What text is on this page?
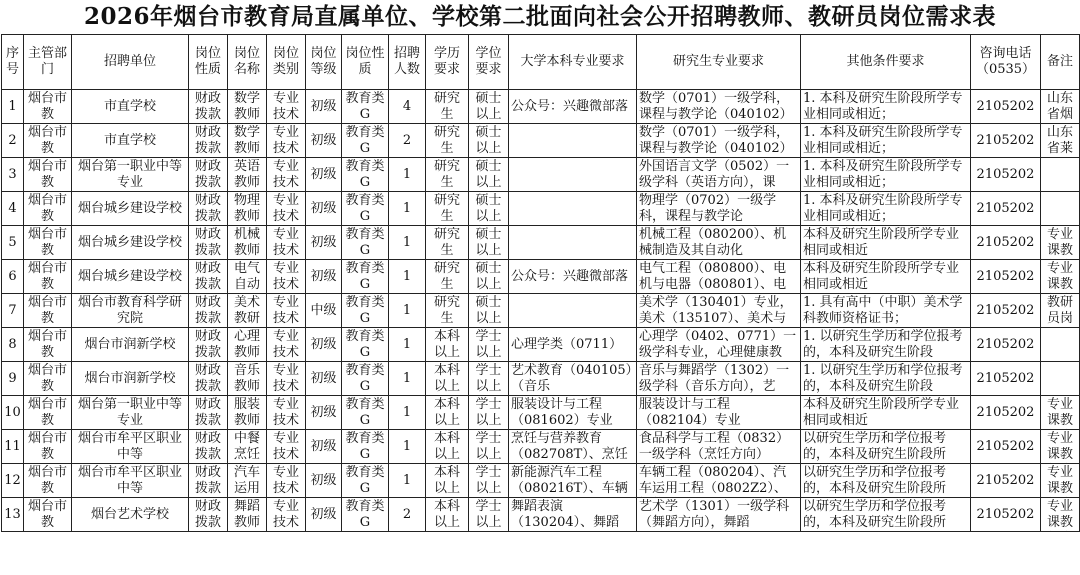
2026年烟台市教育局直属单位、学校第二批面向社会公开招聘教师、教研员岗位需求表
序号	主管部门	招聘单位	岗位性质	岗位名称	岗位类别	岗位等级	岗位性质	招聘人数	学历要求	学位要求	大学本科专业要求	研究生专业要求	其他条件要求	咨询电话（0535）	备注

1	烟台市教	市直学校	财政拨款	数学教师	专业技术	初级	教育类G	4	研究生	硕士以上	公众号：兴趣微部落	数学（0701）一级学科，课程与教学论（040102）	1. 本科及研究生阶段所学专业相同或相近；	2105202	山东省烟

2	烟台市教	市直学校	财政拨款	数学教师	专业技术	初级	教育类G	2	研究生	硕士以上		数学（0701）一级学科，课程与教学论（040102）	1. 本科及研究生阶段所学专业相同或相近；	2105202	山东省莱

3	烟台市教	烟台第一职业中等专业	财政拨款	英语教师	专业技术	初级	教育类G	1	研究生	硕士以上		外国语言文学（0502）一级学科（英语方向），课	1. 本科及研究生阶段所学专业相同或相近；	2105202	

4	烟台市教	烟台城乡建设学校	财政拨款	物理教师	专业技术	初级	教育类G	1	研究生	硕士以上		物理学（0702）一级学科，课程与教学论	1. 本科及研究生阶段所学专业相同或相近；	2105202	

5	烟台市教	烟台城乡建设学校	财政拨款	机械教师	专业技术	初级	教育类G	1	研究生	硕士以上		机械工程（080200）、机械制造及其自动化	本科及研究生阶段所学专业相同或相近	2105202	专业课教

6	烟台市教	烟台城乡建设学校	财政拨款	电气自动	专业技术	初级	教育类G	1	研究生	硕士以上	公众号：兴趣微部落	电气工程（080800）、电机与电器（080801）、电	本科及研究生阶段所学专业相同或相近	2105202	专业课教

7	烟台市教	烟台市教育科学研究院	财政拨款	美术教研	专业技术	中级	教育类G	1	研究生	硕士以上		美术学（130401）专业，美术（135107）、美术与	1. 具有高中（中职）美术学科教师资格证书；	2105202	教研员岗

8	烟台市教	烟台市润新学校	财政拨款	心理教师	专业技术	初级	教育类G	1	本科以上	学士以上	心理学类（0711）	心理学（0402、0771）一级学科专业，心理健康教	1. 以研究生学历和学位报考的，本科及研究生阶段	2105202	

9	烟台市教	烟台市润新学校	财政拨款	音乐教师	专业技术	初级	教育类G	1	本科以上	学士以上	艺术教育（040105）（音乐	音乐与舞蹈学（1302）一级学科（音乐方向），艺	1. 以研究生学历和学位报考的，本科及研究生阶段	2105202	

10	烟台市教	烟台第一职业中等专业	财政拨款	服装教师	专业技术	初级	教育类G	1	本科以上	学士以上	服装设计与工程（081602）专业	服装设计与工程（082104）专业	本科及研究生阶段所学专业相同或相近	2105202	专业课教

11	烟台市教	烟台市牟平区职业中等	财政拨款	中餐烹饪	专业技术	初级	教育类G	1	本科以上	学士以上	烹饪与营养教育（082708T）、烹饪	食品科学与工程（0832）一级学科（烹饪方向）	以研究生学历和学位报考的，本科及研究生阶段所	2105202	专业课教

12	烟台市教	烟台市牟平区职业中等	财政拨款	汽车运用	专业技术	初级	教育类G	1	本科以上	学士以上	新能源汽车工程（080216T）、车辆	车辆工程（080204）、汽车运用工程（0802Z2）、	以研究生学历和学位报考的，本科及研究生阶段所	2105202	专业课教

13	烟台市教	烟台艺术学校	财政拨款	舞蹈教师	专业技术	初级	教育类G	2	本科以上	学士以上	舞蹈表演（130204）、舞蹈	艺术学（1301）一级学科（舞蹈方向），舞蹈	以研究生学历和学位报考的，本科及研究生阶段所	2105202	专业课教
